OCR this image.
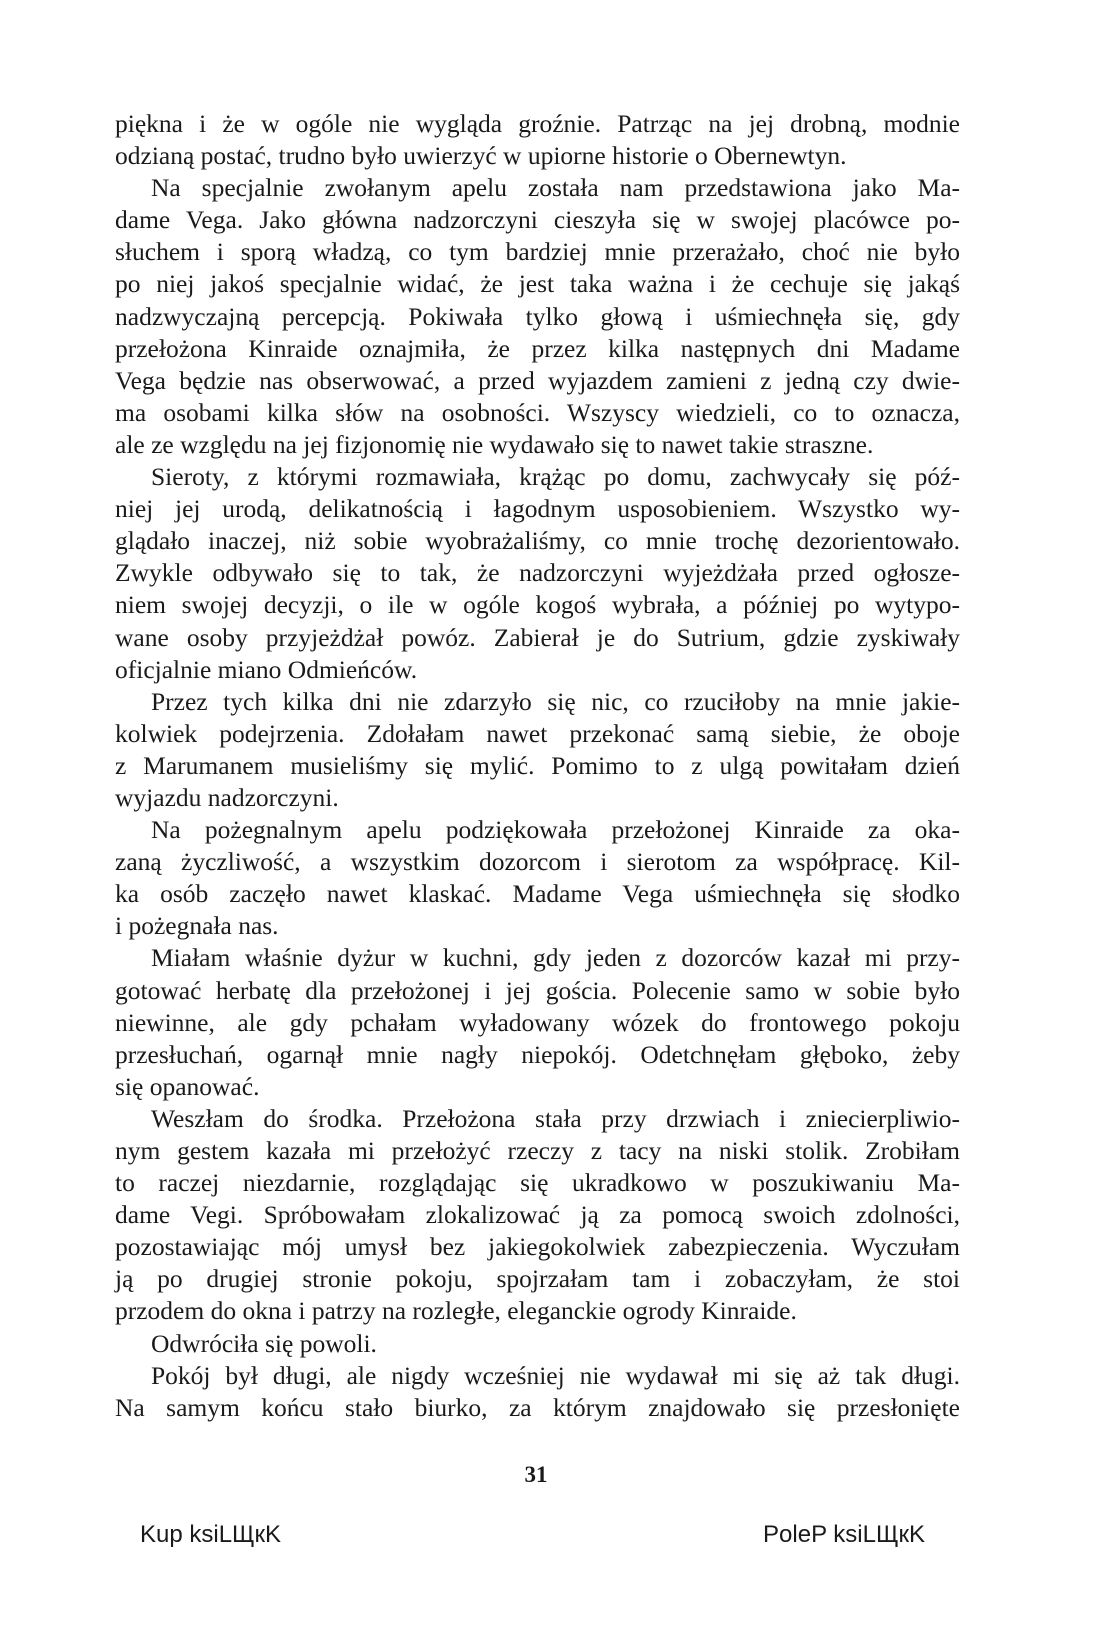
piękna i że w ogóle nie wygląda groźnie. Patrząc na jej drobną, modnie
odzianą postać, trudno było uwierzyć w upiorne historie o Obernewtyn.
Na specjalnie zwołanym apelu została nam przedstawiona jako Ma-
dame Vega. Jako główna nadzorczyni cieszyła się w swojej placówce po-
słuchem i sporą władzą, co tym bardziej mnie przerażało, choć nie było
po niej jakoś specjalnie widać, że jest taka ważna i że cechuje się jakąś
nadzwyczajną percepcją. Pokiwała tylko głową i uśmiechnęła się, gdy
przełożona Kinraide oznajmiła, że przez kilka następnych dni Madame
Vega będzie nas obserwować, a przed wyjazdem zamieni z jedną czy dwie-
ma osobami kilka słów na osobności. Wszyscy wiedzieli, co to oznacza,
ale ze względu na jej fizjonomię nie wydawało się to nawet takie straszne.
Sieroty, z którymi rozmawiała, krążąc po domu, zachwycały się póź-
niej jej urodą, delikatnością i łagodnym usposobieniem. Wszystko wy-
glądało inaczej, niż sobie wyobrażaliśmy, co mnie trochę dezorientowało.
Zwykle odbywało się to tak, że nadzorczyni wyjeżdżała przed ogłosze-
niem swojej decyzji, o ile w ogóle kogoś wybrała, a później po wytypo-
wane osoby przyjeżdżał powóz. Zabierał je do Sutrium, gdzie zyskiwały
oficjalnie miano Odmieńców.
Przez tych kilka dni nie zdarzyło się nic, co rzuciłoby na mnie jakie-
kolwiek podejrzenia. Zdołałam nawet przekonać samą siebie, że oboje
z Marumanem musieliśmy się mylić. Pomimo to z ulgą powitałam dzień
wyjazdu nadzorczyni.
Na pożegnalnym apelu podziękowała przełożonej Kinraide za oka-
zaną życzliwość, a wszystkim dozorcom i sierotom za współpracę. Kil-
ka osób zaczęło nawet klaskać. Madame Vega uśmiechnęła się słodko
i pożegnała nas.
Miałam właśnie dyżur w kuchni, gdy jeden z dozorców kazał mi przy-
gotować herbatę dla przełożonej i jej gościa. Polecenie samo w sobie było
niewinne, ale gdy pchałam wyładowany wózek do frontowego pokoju
przesłuchań, ogarnął mnie nagły niepokój. Odetchnęłam głęboko, żeby
się opanować.
Weszłam do środka. Przełożona stała przy drzwiach i zniecierpliwio-
nym gestem kazała mi przełożyć rzeczy z tacy na niski stolik. Zrobiłam
to raczej niezdarnie, rozglądając się ukradkowo w poszukiwaniu Ma-
dame Vegi. Spróbowałam zlokalizować ją za pomocą swoich zdolności,
pozostawiając mój umysł bez jakiegokolwiek zabezpieczenia. Wyczułam
ją po drugiej stronie pokoju, spojrzałam tam i zobaczyłam, że stoi
przodem do okna i patrzy na rozległe, eleganckie ogrody Kinraide.
Odwróciła się powoli.
Pokój był długi, ale nigdy wcześniej nie wydawał mi się aż tak długi.
Na samym końcu stało biurko, za którym znajdowało się przesłonięte
31
Kup ksiLЩкK	PoleP ksiLЩкK
